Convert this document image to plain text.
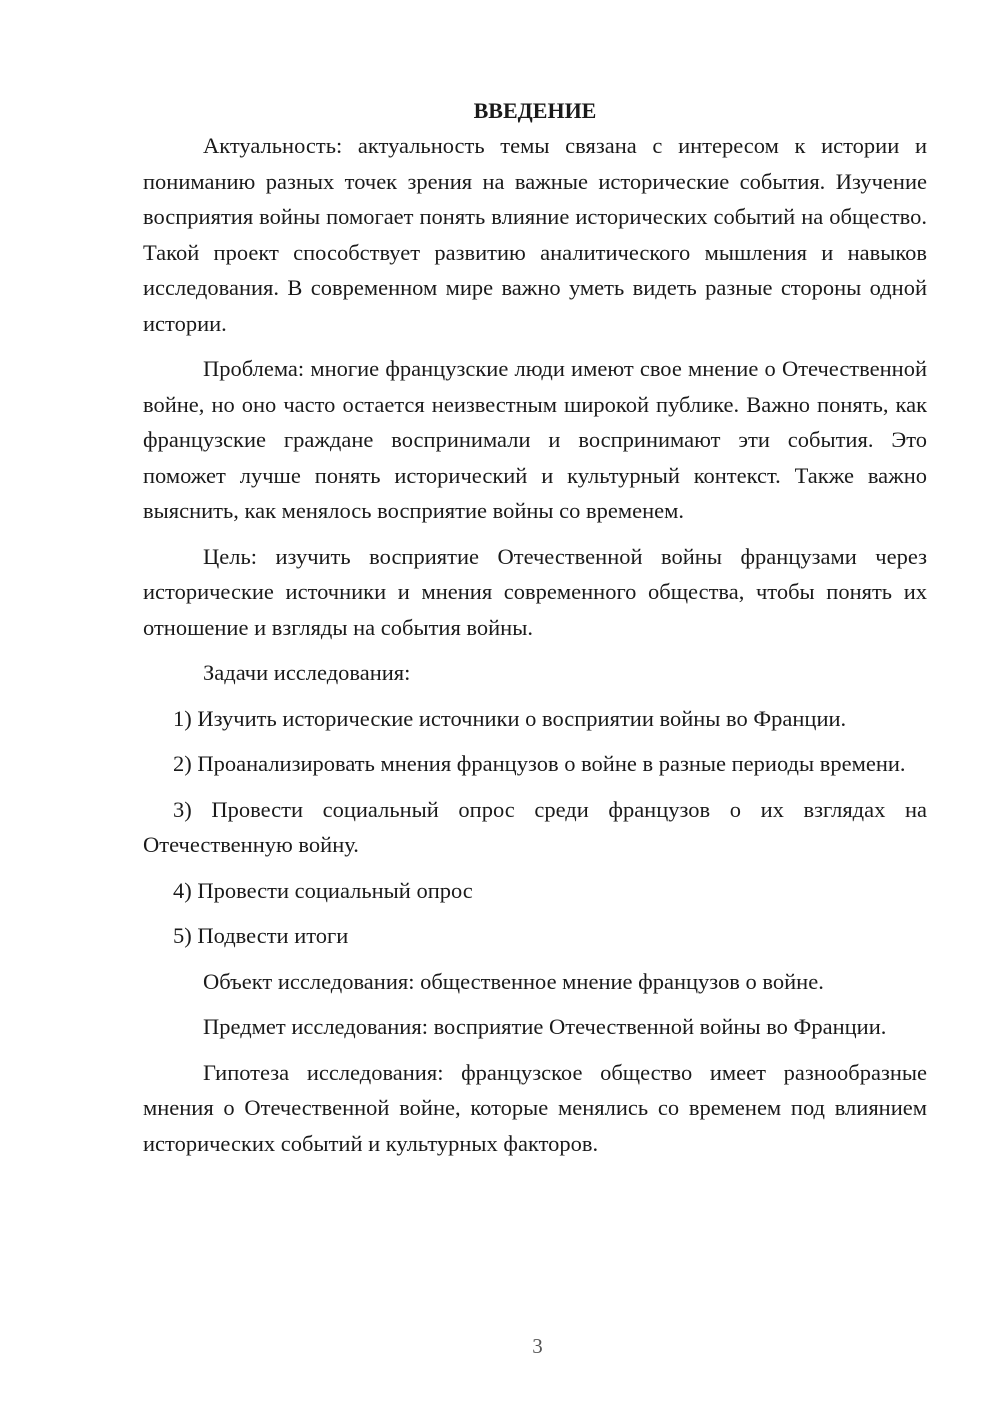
ВВЕДЕНИЕ

Актуальность: актуальность темы связана с интересом к истории и пониманию разных точек зрения на важные исторические события. Изучение восприятия войны помогает понять влияние исторических событий на общество. Такой проект способствует развитию аналитического мышления и навыков исследования. В современном мире важно уметь видеть разные стороны одной истории.

Проблема: многие французские люди имеют свое мнение о Отечественной войне, но оно часто остается неизвестным широкой публике. Важно понять, как французские граждане воспринимали и воспринимают эти события. Это поможет лучше понять исторический и культурный контекст. Также важно выяснить, как менялось восприятие войны со временем.

Цель: изучить восприятие Отечественной войны французами через исторические источники и мнения современного общества, чтобы понять их отношение и взгляды на события войны.

Задачи исследования:

1) Изучить исторические источники о восприятии войны во Франции.

2) Проанализировать мнения французов о войне в разные периоды времени.

3) Провести социальный опрос среди французов о их взглядах на Отечественную войну.

4) Провести социальный опрос

5) Подвести итоги

Объект исследования: общественное мнение французов о войне.

Предмет исследования: восприятие Отечественной войны во Франции.

Гипотеза исследования: французское общество имеет разнообразные мнения о Отечественной войне, которые менялись со временем под влиянием исторических событий и культурных факторов.

3
